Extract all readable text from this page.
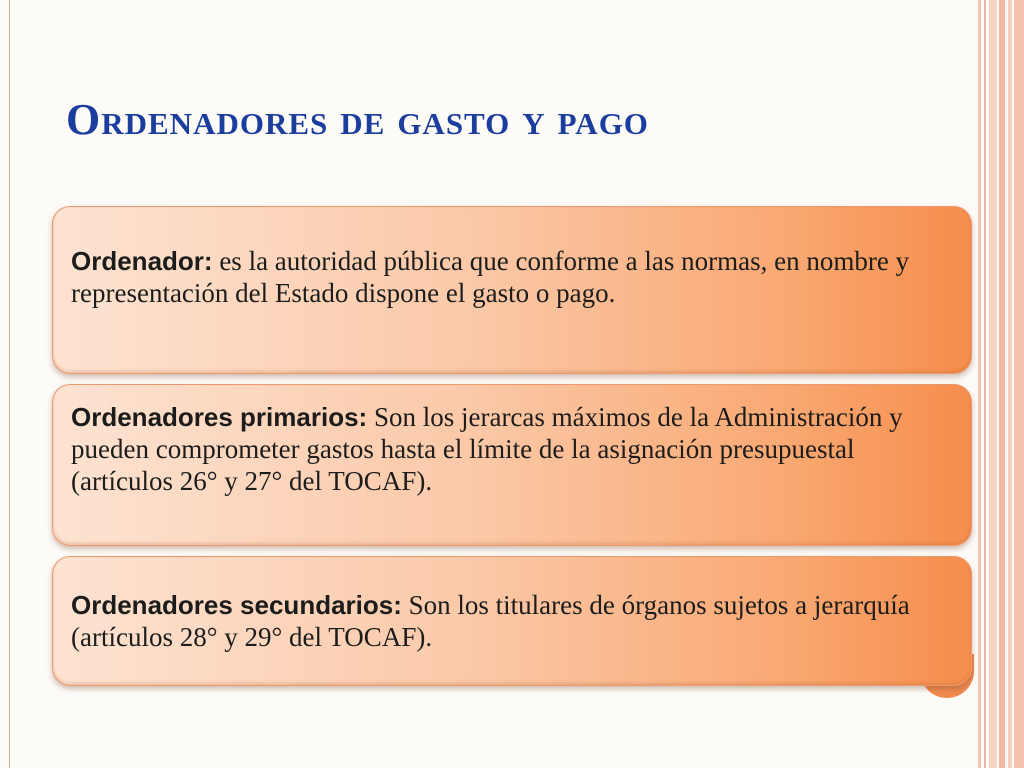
Ordenadores de gasto y pago

Ordenador: es la autoridad pública que conforme a las normas, en nombre y representación del Estado dispone el gasto o pago.

Ordenadores primarios: Son los jerarcas máximos de la Administración y pueden comprometer gastos hasta el límite de la asignación presupuestal (artículos 26° y 27° del TOCAF).

Ordenadores secundarios: Son los titulares de órganos sujetos a jerarquía (artículos 28° y 29° del TOCAF).
